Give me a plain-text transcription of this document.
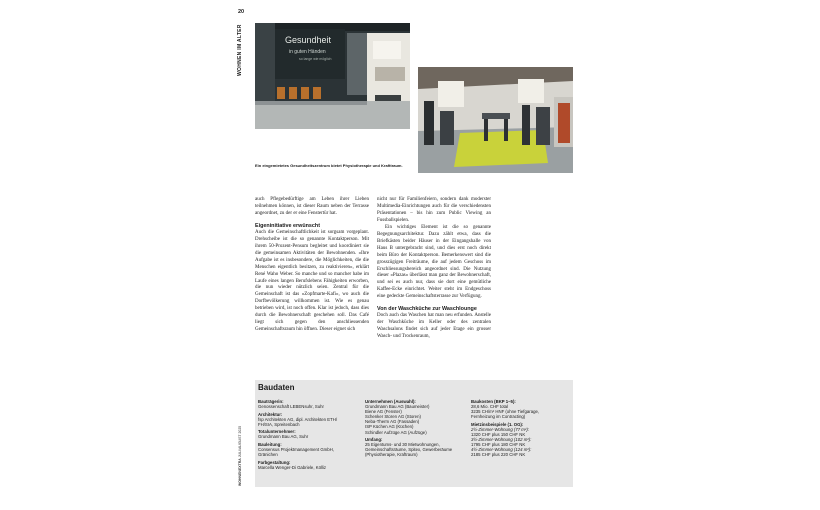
20
WOHNEN IM ALTER	Gesundheit
in guten Händen
so lange wie möglich
Ein eingemietetes Gesundheitszentrum bietet Physiotherapie und Krafttraum.

auch Pflegebedürftige am Leben ihrer Lieben teilnehmen können, ist dieser Raum neben der Terrasse angeordnet, zu der er eine Fenstertür hat.

Eigeninitiative erwünscht

Auch die Gemeinschaftlichkeit ist sorgsam vorgeplant. Drehscheibe ist die so genannte Kontaktperson. Mit ihrem 50-Prozent-Pensum begleitet und koordiniert sie die gemeinsamen Aktivitäten der Bewohnenden. «Ihre Aufgabe ist es insbesondere, die Möglichkeiten, die die Menschen eigentlich besitzen, zu reaktivieren», erklärt René Waho Weber. So manche und so mancher habe im Laufe eines langen Berufslebens Fähigkeiten erworben, die nun wieder nützlich seien. Zentral für die Gemeinschaft ist das «Zopfmarte-Kafi», wo auch die Dorfbevölkerung willkommen ist. Wie es genau betrieben wird, ist noch offen. Klar ist jedoch, dass dies durch die Bewohnerschaft geschehen soll. Das Café liegt sich gegen den anschliessenden Gemeinschaftsraum hin öffnen. Dieser eignet sich

nicht nur für Familienfeiern, sondern dank moderster Multimedia-Einrichtungen auch für die verschiedensten Präsentationen – bis hin zum Public Viewing an Fussballspielen.

Ein wichtiges Element ist die so genannte Begegnungsarchitektur. Dazu zählt etwa, dass die Briefkästen beider Häuser in der Eingangshalle von Haus B untergebracht sind, und dies erst noch direkt beim Büro der Kontaktperson. Bemerkenswert sind die grosszügigen Freiträume, die auf jedem Geschoss im Erschliessungsbereich angeordnet sind. Die Nutzung dieser «Plazas» überlässt man ganz der Bewohnerschaft, und sei es auch nur, dass sie dort eine gemütliche Kaffee-Ecke einrichtet. Weiter steht im Endgeschoss eine gedeckte Gemeinschaftsterrasse zur Verfügung.

Von der Waschküche zur Waschlounge

Doch auch das Waschen hat man neu erfunden. Anstelle der Waschküche im Keller oder des zentralen Waschsalons findet sich auf jeder Etage ein grosser Wasch- und Trockenraum,

Baudaten
Bauträgerin:
Genossenschaft LEBENsuhr, Suhr
Architektur:
fsp Architekten AG, dipl. Architekten ETH/
FH/SIA, Spreitenbach
Totalunternehmer:
Grundmann Bau AG, Suhr
Bauleitung:
Consensus Projektmanagement GmbH,
Gränichen
Farbgestaltung:
Marcella Wenger-Di Gabriele, Kölliz
Unternehmen (Auswahl):
Grundmann Bau AG (Baumeister)
Biene AG (Fenster)
Schenker Storen AG (Storen)
Neba-Therm AG (Fassaden)
ISP Küchen AG (Küchen)
Schindler Aufzüge AG (Aufzüge)
Umfang:
25 Eigentums- und 30 Mietwohnungen,
Gemeinschaftsräume, Spitex, Gewerberäume (Physiotherapie, Kraftraum)
Baukosten (BKP 1–5):
28,6 Mio. CHF total
3235 CH/m² HNF (ohne Tiefgarage,
Fernheizung im Contracting)
Mietzinsbeispiele (1. OG):
2½-Zimmer-Wohnung (77 m²):
1320 CHF plus 150 CHF NK
3½-Zimmer-Wohnung (102 m²):
1795 CHF plus 180 CHF NK
4½-Zimmer-Wohnung (124 m²):
2185 CHF plus 220 CHF NK
WOHNENEXTRA JULI/AUGUST 2025
